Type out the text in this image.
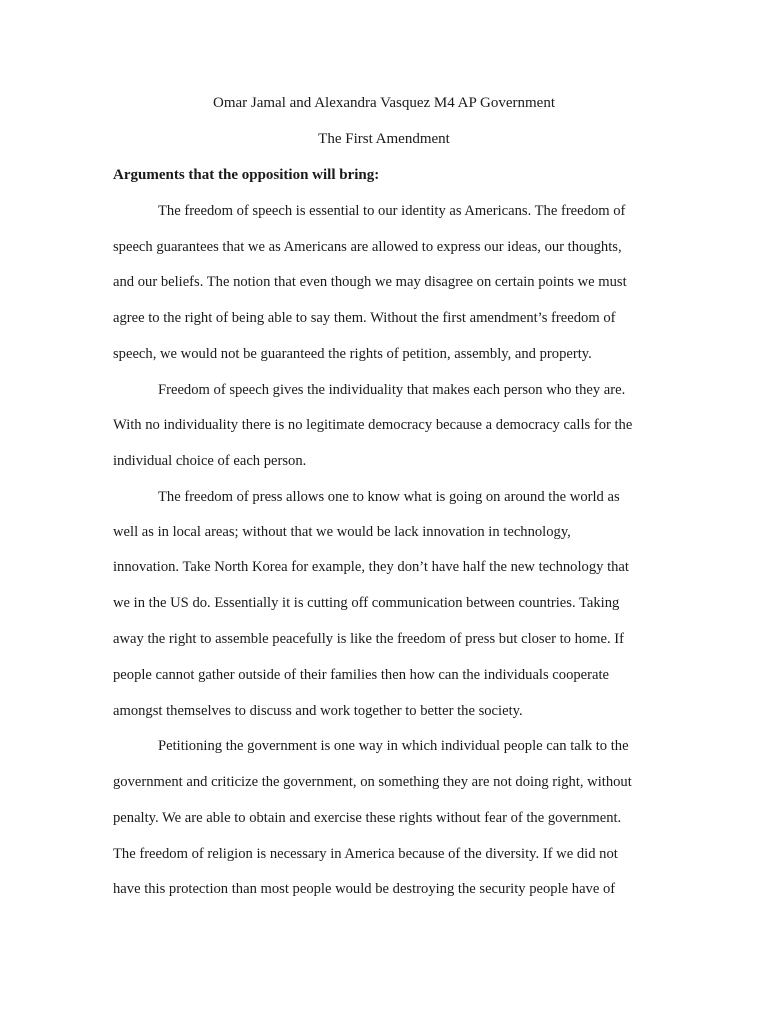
Omar Jamal and Alexandra Vasquez M4 AP Government
The First Amendment
Arguments that the opposition will bring:
The freedom of speech is essential to our identity as Americans. The freedom of
speech guarantees that we as Americans are allowed to express our ideas, our thoughts,
and our beliefs. The notion that even though we may disagree on certain points we must
agree to the right of being able to say them. Without the first amendment’s freedom of
speech, we would not be guaranteed the rights of petition, assembly, and property.
Freedom of speech gives the individuality that makes each person who they are.
With no individuality there is no legitimate democracy because a democracy calls for the
individual choice of each person.
The freedom of press allows one to know what is going on around the world as
well as in local areas; without that we would be lack innovation in technology,
innovation. Take North Korea for example, they don’t have half the new technology that
we in the US do. Essentially it is cutting off communication between countries. Taking
away the right to assemble peacefully is like the freedom of press but closer to home. If
people cannot gather outside of their families then how can the individuals cooperate
amongst themselves to discuss and work together to better the society.
Petitioning the government is one way in which individual people can talk to the
government and criticize the government, on something they are not doing right, without
penalty. We are able to obtain and exercise these rights without fear of the government.
The freedom of religion is necessary in America because of the diversity. If we did not
have this protection than most people would be destroying the security people have of
